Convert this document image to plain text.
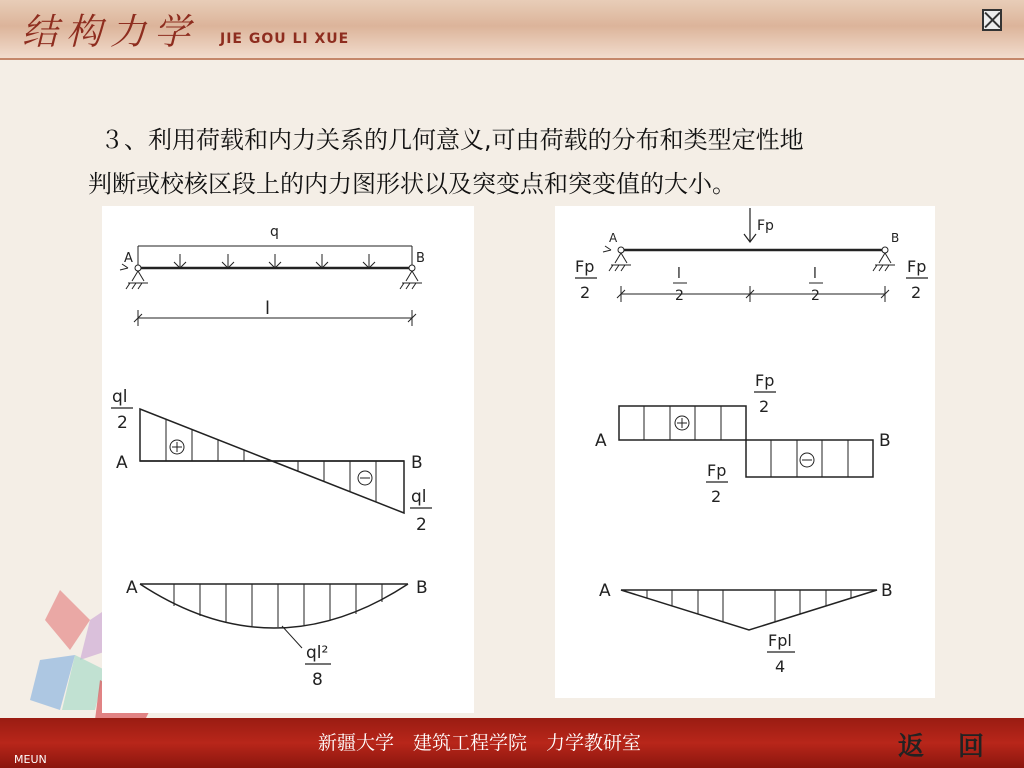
结构力学 JIE GOU LI XUE
３、利用荷载和内力关系的几何意义,可由荷载的分布和类型定性地
判断或校核区段上的内力图形状以及突变点和突变值的大小。
q
A	B
l
ql
2
A	B
ql
2
A	B
ql²
8
Fp
A	B
Fp
2
Fp
2
l
2
l
2
Fp
2
A	B
Fp
2
A	B
Fpl
4
新疆大学　建筑工程学院　力学教研室	返回
MEUN
